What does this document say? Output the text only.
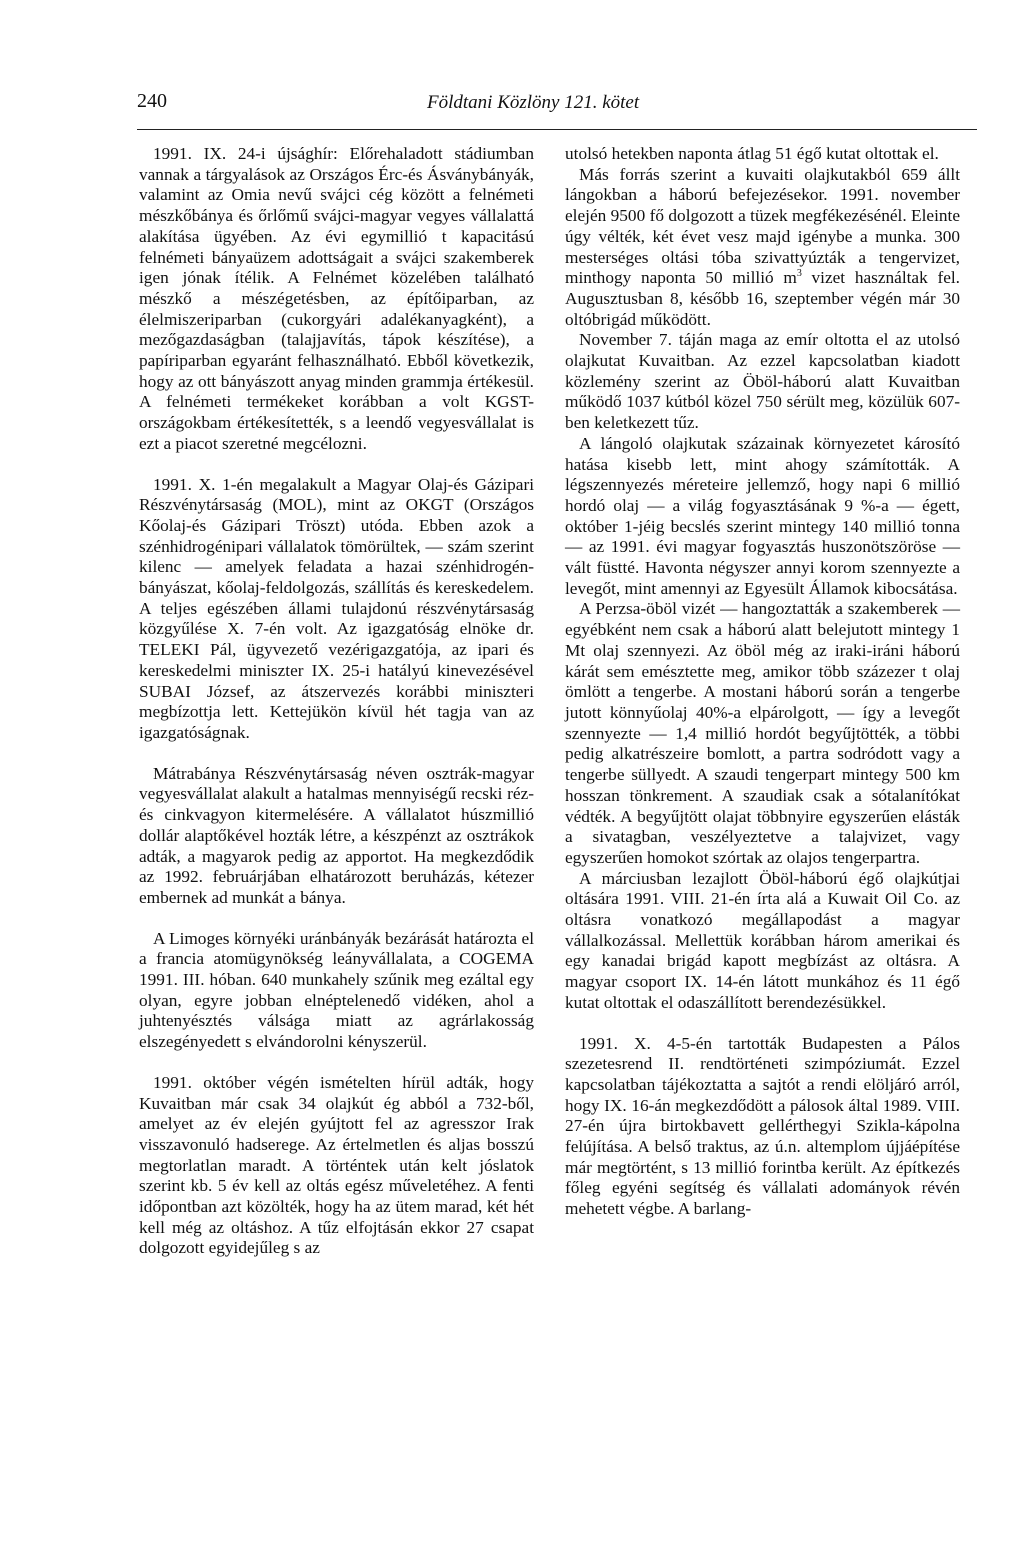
240	Földtani Közlöny 121. kötet

1991. IX. 24-i újsághír: Előrehaladott stádiumban vannak a tárgyalások az Országos Érc-és Ásványbányák, valamint az Omia nevű svájci cég között a felnémeti mészkőbánya és őrlőmű svájci-magyar vegyes vállalattá alakítása ügyében. Az évi egymillió t kapacitású felnémeti bányaüzem adottságait a svájci szakemberek igen jónak ítélik. A Felnémet közelében található mészkő a mészégetésben, az építőiparban, az élelmiszeriparban (cukorgyári adalékanyagként), a mezőgazdaságban (talajjavítás, tápok készítése), a papíriparban egyaránt felhasználható. Ebből következik, hogy az ott bányászott anyag minden grammja értékesül. A felnémeti termékeket korábban a volt KGST-országokbam értékesítették, s a leendő vegyesvállalat is ezt a piacot szeretné megcélozni.

1991. X. 1-én megalakult a Magyar Olaj-és Gázipari Részvénytársaság (MOL), mint az OKGT (Országos Kőolaj-és Gázipari Tröszt) utóda. Ebben azok a szénhidrogénipari vállalatok tömörültek, — szám szerint kilenc — amelyek feladata a hazai szénhidrogén-bányászat, kőolaj-feldolgozás, szállítás és kereskedelem. A teljes egészében állami tulajdonú részvénytársaság közgyűlése X. 7-én volt. Az igazgatóság elnöke dr. TELEKI Pál, ügyvezető vezérigazgatója, az ipari és kereskedelmi miniszter IX. 25-i hatályú kinevezésével SUBAI József, az átszervezés korábbi miniszteri megbízottja lett. Kettejükön kívül hét tagja van az igazgatóságnak.

Mátrabánya Részvénytársaság néven osztrák-magyar vegyesvállalat alakult a hatalmas mennyiségű recski réz-és cinkvagyon kitermelésére. A vállalatot húszmillió dollár alaptőkével hozták létre, a készpénzt az osztrákok adták, a magyarok pedig az apportot. Ha megkezdődik az 1992. februárjában elhatározott beruházás, kétezer embernek ad munkát a bánya.

A Limoges környéki uránbányák bezárását határozta el a francia atomügynökség leányvállalata, a COGEMA 1991. III. hóban. 640 munkahely szűnik meg ezáltal egy olyan, egyre jobban elnéptelenedő vidéken, ahol a juhtenyésztés válsága miatt az agrárlakosság elszegényedett s elvándorolni kényszerül.

1991. október végén ismételten hírül adták, hogy Kuvaitban már csak 34 olajkút ég abból a 732-ből, amelyet az év elején gyújtott fel az agresszor Irak visszavonuló hadserege. Az értelmetlen és aljas bosszú megtorlatlan maradt. A történtek után kelt jóslatok szerint kb. 5 év kell az oltás egész műveletéhez. A fenti időpontban azt közölték, hogy ha az ütem marad, két hét kell még az oltáshoz. A tűz elfojtásán ekkor 27 csapat dolgozott egyidejűleg s az

utolsó hetekben naponta átlag 51 égő kutat oltottak el.

Más forrás szerint a kuvaiti olajkutakból 659 állt lángokban a háború befejezésekor. 1991. november elején 9500 fő dolgozott a tüzek megfékezésénél. Eleinte úgy vélték, két évet vesz majd igénybe a munka. 300 mesterséges oltási tóba szivattyúzták a tengervizet, minthogy naponta 50 millió $m^3$ vizet használtak fel. Augusztusban 8, később 16, szeptember végén már 30 oltóbrigád működött.

November 7. táján maga az emír oltotta el az utolsó olajkutat Kuvaitban. Az ezzel kapcsolatban kiadott közlemény szerint az Öböl-háború alatt Kuvaitban működő 1037 kútból közel 750 sérült meg, közülük 607-ben keletkezett tűz.

A lángoló olajkutak százainak környezetet károsító hatása kisebb lett, mint ahogy számították. A légszennyezés méreteire jellemző, hogy napi 6 millió hordó olaj — a világ fogyasztásának 9 %-a — égett, október 1-jéig becslés szerint mintegy 140 millió tonna — az 1991. évi magyar fogyasztás huszonötszöröse — vált füstté. Havonta négyszer annyi korom szennyezte a levegőt, mint amennyi az Egyesült Államok kibocsátása.

A Perzsa-öböl vizét — hangoztatták a szakemberek — egyébként nem csak a háború alatt belejutott mintegy 1 Mt olaj szennyezi. Az öböl még az iraki-iráni háború kárát sem emésztette meg, amikor több százezer t olaj ömlött a tengerbe. A mostani háború során a tengerbe jutott könnyűolaj 40%-a elpárolgott, — így a levegőt szennyezte — 1,4 millió hordót begyűjtötték, a többi pedig alkatrészeire bomlott, a partra sodródott vagy a tengerbe süllyedt. A szaudi tengerpart mintegy 500 km hosszan tönkrement. A szaudiak csak a sótalanítókat védték. A begyűjtött olajat többnyire egyszerűen elásták a sivatagban, veszélyeztetve a talajvizet, vagy egyszerűen homokot szórtak az olajos tengerpartra.

A márciusban lezajlott Öböl-háború égő olajkútjai oltására 1991. VIII. 21-én írta alá a Kuwait Oil Co. az oltásra vonatkozó megállapodást a magyar vállalkozással. Mellettük korábban három amerikai és egy kanadai brigád kapott megbízást az oltásra. A magyar csoport IX. 14-én látott munkához és 11 égő kutat oltottak el odaszállított berendezésükkel.

1991. X. 4-5-én tartották Budapesten a Pálos szezetesrend II. rendtörténeti szimpóziumát. Ezzel kapcsolatban tájékoztatta a sajtót a rendi elöljáró arról, hogy IX. 16-án megkezdődött a pálosok által 1989. VIII. 27-én újra birtokbavett gellérthegyi Szikla-kápolna felújítása. A belső traktus, az ú.n. altemplom újjáépítése már megtörtént, s 13 millió forintba került. Az építkezés főleg egyéni segítség és vállalati adományok révén mehetett végbe. A barlang-
